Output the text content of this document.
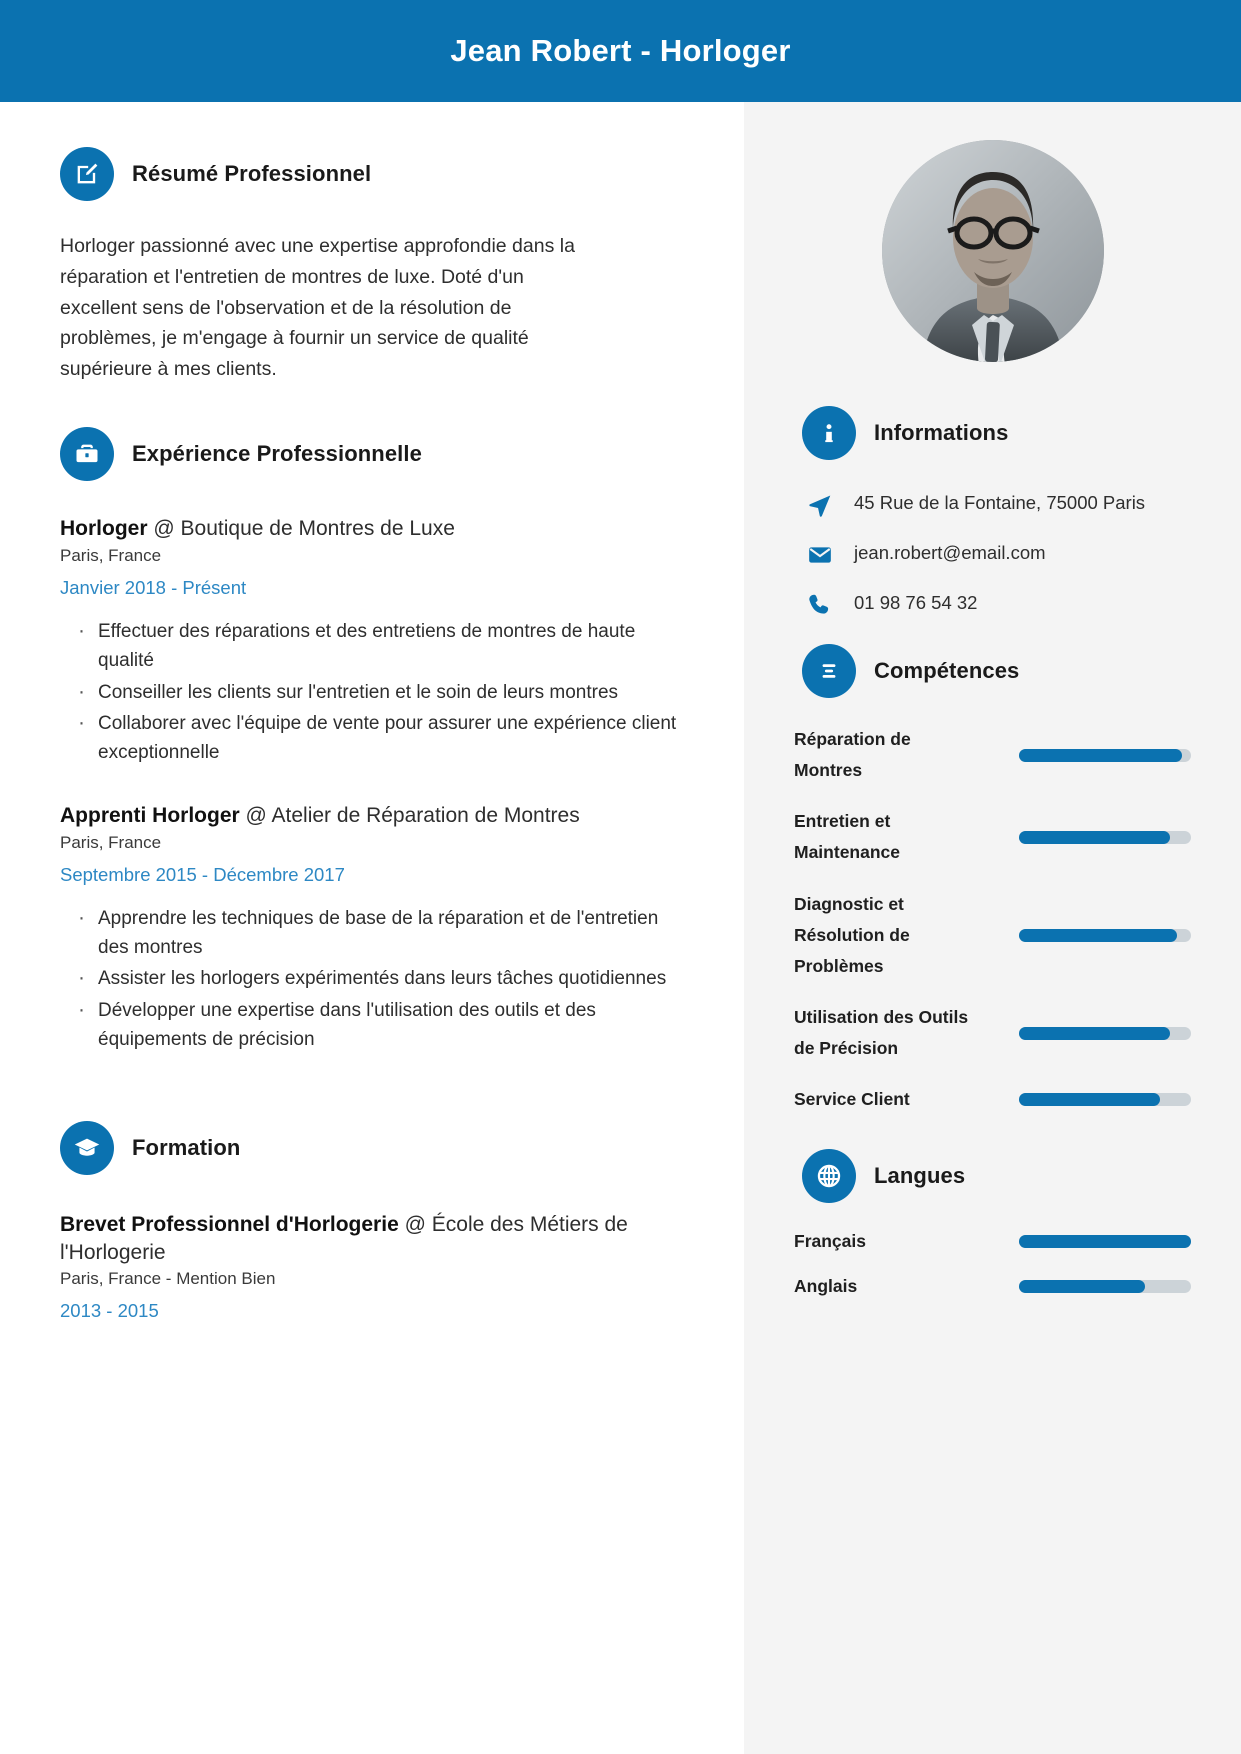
Jean Robert - Horloger
Résumé Professionnel

Horloger passionné avec une expertise approfondie dans la réparation et l'entretien de montres de luxe. Doté d'un excellent sens de l'observation et de la résolution de problèmes, je m'engage à fournir un service de qualité supérieure à mes clients.

Expérience Professionnelle
Horloger @ Boutique de Montres de Luxe
Paris, France
Janvier 2018 - Présent
· Effectuer des réparations et des entretiens de montres de haute qualité
· Conseiller les clients sur l'entretien et le soin de leurs montres
· Collaborer avec l'équipe de vente pour assurer une expérience client exceptionnelle
Apprenti Horloger @ Atelier de Réparation de Montres
Paris, France
Septembre 2015 - Décembre 2017
· Apprendre les techniques de base de la réparation et de l'entretien des montres
· Assister les horlogers expérimentés dans leurs tâches quotidiennes
· Développer une expertise dans l'utilisation des outils et des équipements de précision
Formation
Brevet Professionnel d'Horlogerie @ École des Métiers de l'Horlogerie
Paris, France - Mention Bien
2013 - 2015
Informations
45 Rue de la Fontaine, 75000 Paris
jean.robert@email.com
01 98 76 54 32
Compétences
Réparation de Montres
Entretien et Maintenance
Diagnostic et Résolution de Problèmes
Utilisation des Outils de Précision
Service Client
Langues
Français
Anglais
